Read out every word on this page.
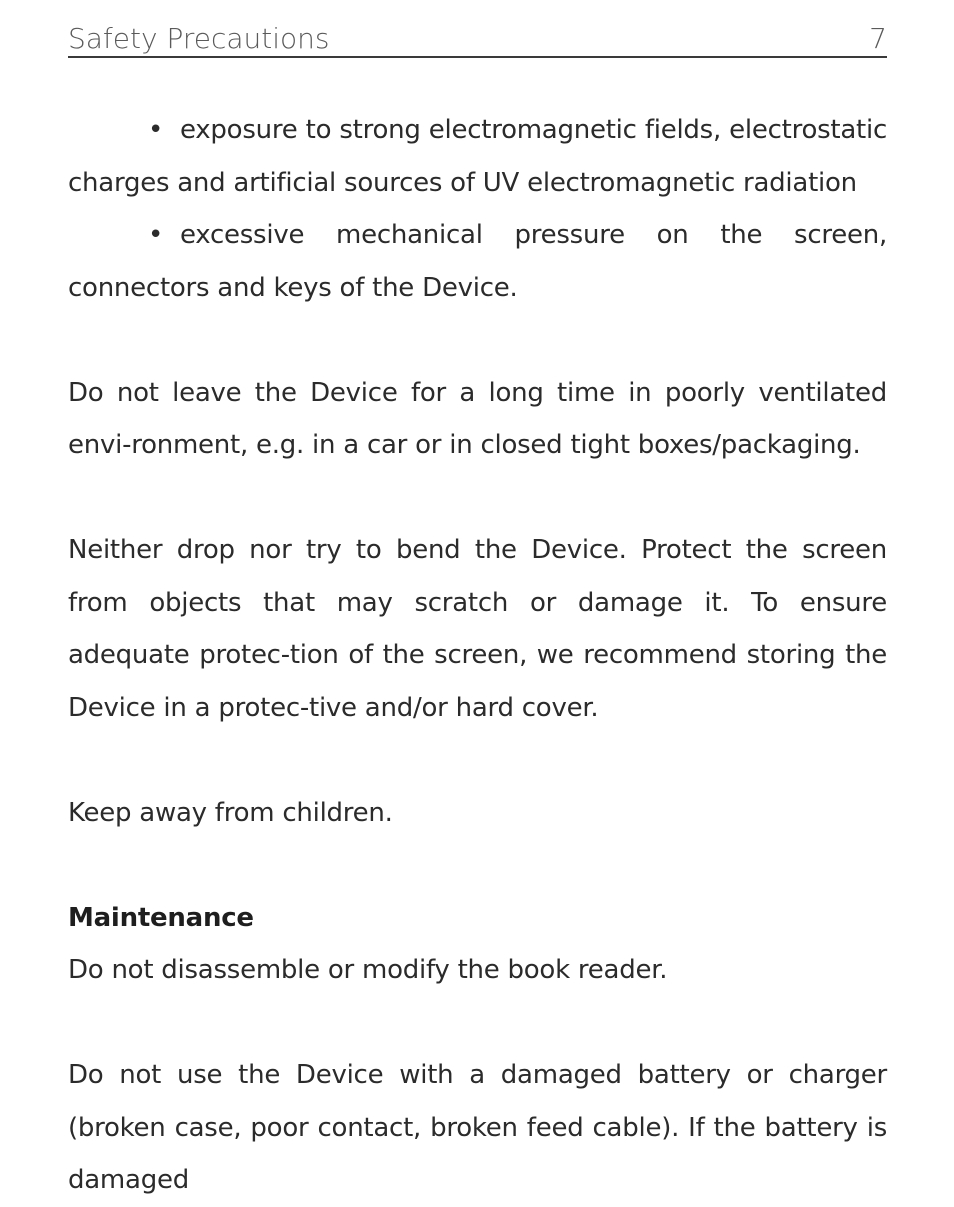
Safety Precautions	7

• exposure to strong electromagnetic fields, electrostatic charges and artificial sources of UV electromagnetic radiation

• excessive mechanical pressure on the screen, connectors and keys of the Device.

Do not leave the Device for a long time in poorly ventilated envi-ronment, e.g. in a car or in closed tight boxes/packaging.

Neither drop nor try to bend the Device. Protect the screen from objects that may scratch or damage it. To ensure adequate protec-tion of the screen, we recommend storing the Device in a protec-tive and/or hard cover.

Keep away from children.

Maintenance

Do not disassemble or modify the book reader.

Do not use the Device with a damaged battery or charger (broken case, poor contact, broken feed cable). If the battery is damaged
